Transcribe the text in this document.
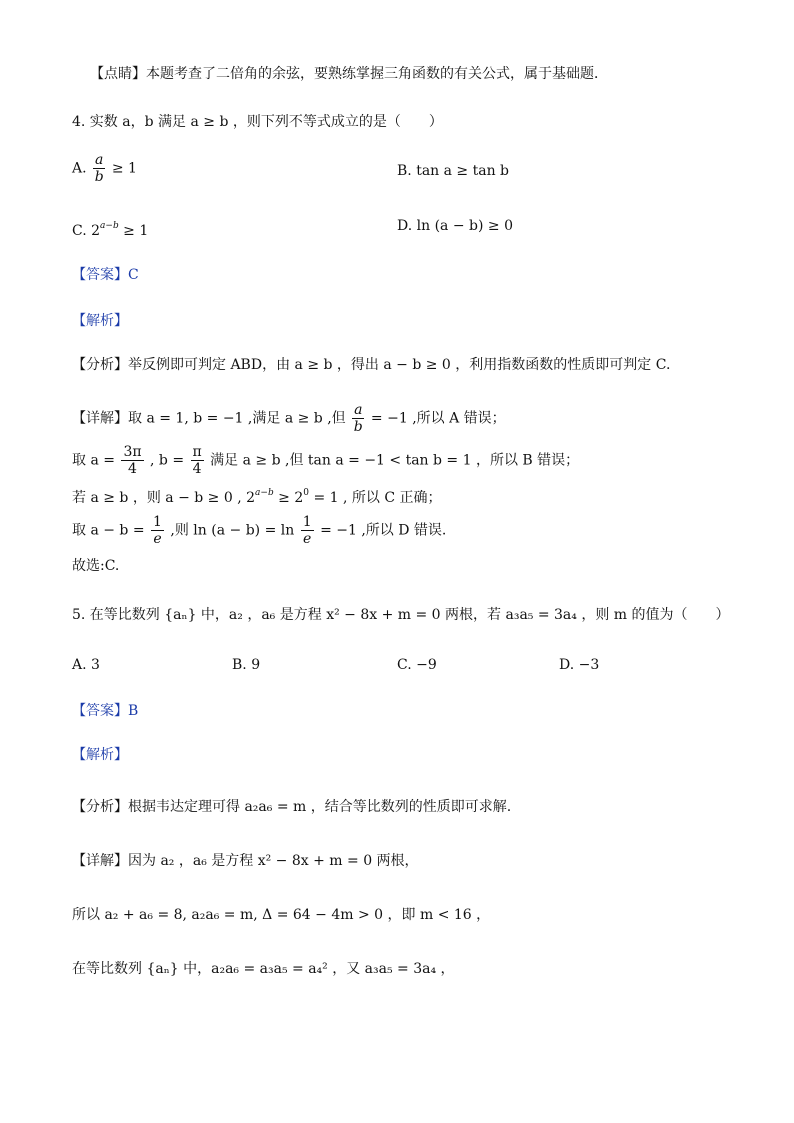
【点睛】本题考查了二倍角的余弦，要熟练掌握三角函数的有关公式，属于基础题．
4. 实数 a，b 满足 a ≥ b ，则下列不等式成立的是（　　）
A. $\frac{a}{b} \ge 1$	B. tan a ≥ tan b
C. $2^{a-b} \ge 1$	D. ln (a − b) ≥ 0
【答案】C
【解析】
【分析】举反例即可判定 ABD，由 a ≥ b ，得出 a − b ≥ 0 ，利用指数函数的性质即可判定 C.
【详解】取 a = 1, b = −1 ,满足 a ≥ b ,但 $\frac{a}{b} = -1$ ,所以 A 错误；
取 $a = \frac{3\pi}{4}$ , $b = \frac{\pi}{4}$ 满足 a ≥ b ,但 tan a = −1 < tan b = 1 ，所以 B 错误；
若 a ≥ b ，则 a − b ≥ 0 , $2^{a-b} \ge 2^0 = 1$ , 所以 C 正确；
取 $a - b = \frac{1}{e}$ ,则 $\ln (a - b) = \ln \frac{1}{e} = -1$ ,所以 D 错误.
故选:C.
5. 在等比数列 {aₙ} 中，a₂ ，a₆ 是方程 x² − 8x + m = 0 两根，若 a₃a₅ = 3a₄ ，则 m 的值为（　　）
A. 3	B. 9	C. −9	D. −3
【答案】B
【解析】
【分析】根据韦达定理可得 a₂a₆ = m ，结合等比数列的性质即可求解.
【详解】因为 a₂ ，a₆ 是方程 x² − 8x + m = 0 两根，
所以 a₂ + a₆ = 8, a₂a₆ = m, Δ = 64 − 4m > 0 ，即 m < 16 ，
在等比数列 {aₙ} 中，a₂a₆ = a₃a₅ = a₄² ，又 a₃a₅ = 3a₄ ，
